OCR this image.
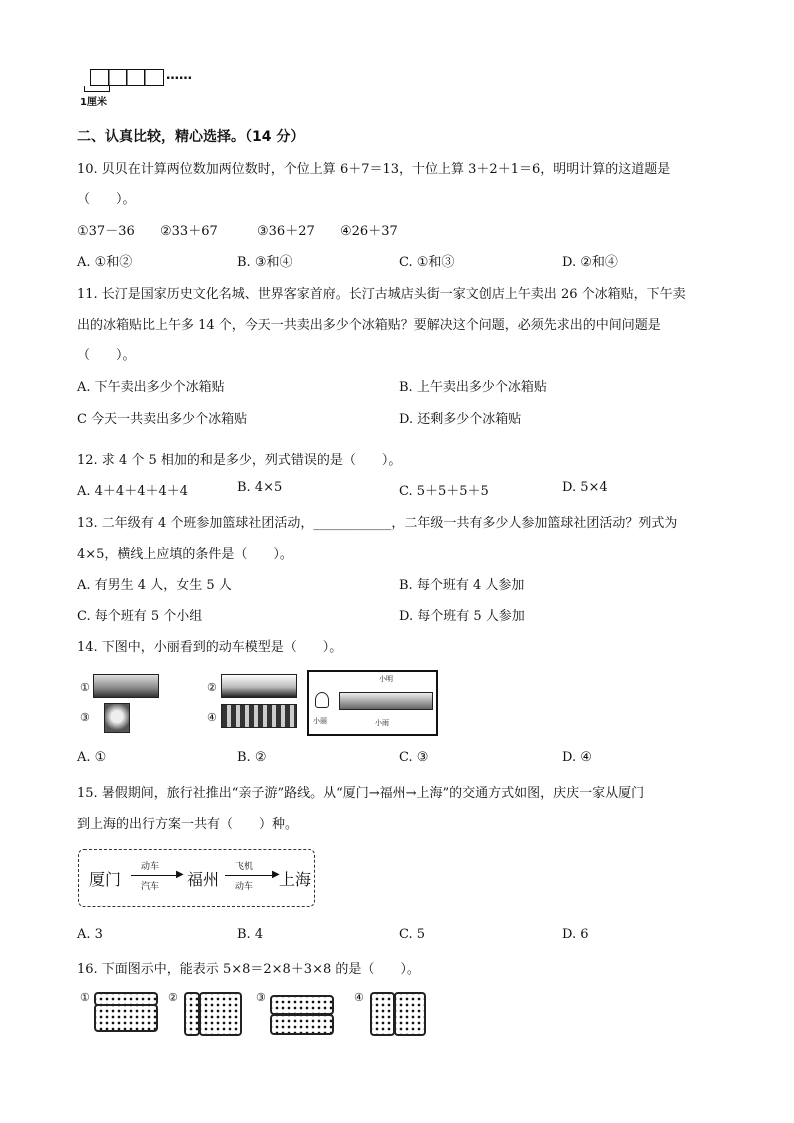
……
1厘米
二、认真比较，精心选择。（14 分）
10. 贝贝在计算两位数加两位数时，个位上算 6＋7＝13，十位上算 3＋2＋1＝6，明明计算的这道题是
（　　）。
①37－36 ②33＋67	③36＋27 ④26＋37
A. ①和②	B. ③和④	C. ①和③	D. ②和④
11. 长汀是国家历史文化名城、世界客家首府。长汀古城店头街一家文创店上午卖出 26 个冰箱贴，下午卖
出的冰箱贴比上午多 14 个，今天一共卖出多少个冰箱贴？要解决这个问题，必须先求出的中间问题是
（　　）。
A. 下午卖出多少个冰箱贴	B. 上午卖出多少个冰箱贴
C 今天一共卖出多少个冰箱贴	D. 还剩多少个冰箱贴
12. 求 4 个 5 相加的和是多少，列式错误的是（　　）。
A. 4＋4＋4＋4＋4	B. 4×5	C. 5＋5＋5＋5	D. 5×4
13. 二年级有 4 个班参加篮球社团活动，____________，二年级一共有多少人参加篮球社团活动？列式为
4×5，横线上应填的条件是（　　）。
A. 有男生 4 人，女生 5 人	B. 每个班有 4 人参加
C. 每个班有 5 个小组	D. 每个班有 5 人参加
14. 下图中，小丽看到的动车模型是（　　）。
①	②
③	④
小明
小丽	小雨
A. ①	B. ②	C. ③	D. ④
15. 暑假期间，旅行社推出“亲子游”路线。从“厦门→福州→上海”的交通方式如图，庆庆一家从厦门
到上海的出行方案一共有（　　）种。
厦门
动车
▶
汽车 福州
飞机
▶
动车 上海
A. 3	B. 4	C. 5	D. 6
16. 下面图示中，能表示 5×8＝2×8＋3×8 的是（　　）。
①	②	③	④
